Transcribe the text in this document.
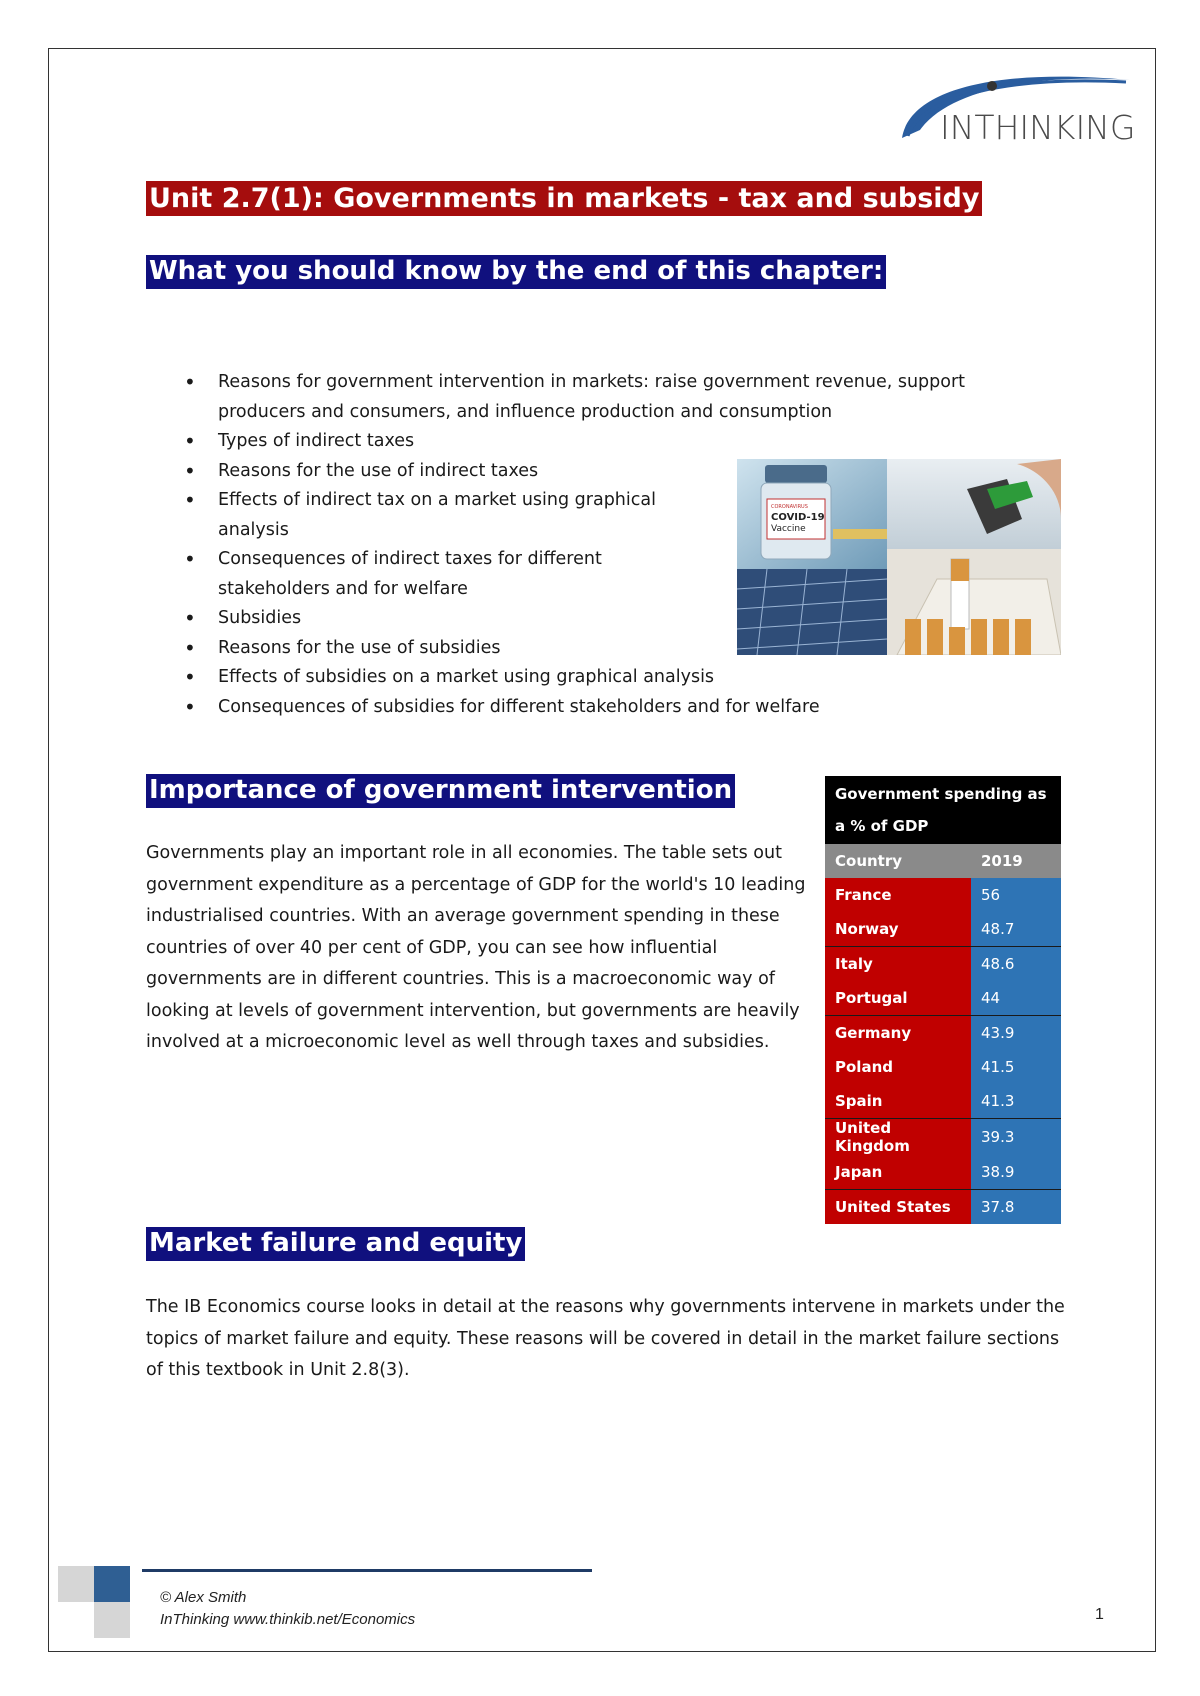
INTHINKING
Unit 2.7(1): Governments in markets - tax and subsidy
What you should know by the end of this chapter:
• Reasons for government intervention in markets: raise government revenue, support producers and consumers, and influence production and consumption
• Types of indirect taxes
• Reasons for the use of indirect taxes
• Effects of indirect tax on a market using graphical analysis
• Consequences of indirect taxes for different stakeholders and for welfare
• Subsidies
• Reasons for the use of subsidies
• Effects of subsidies on a market using graphical analysis
• Consequences of subsidies for different stakeholders and for welfare
CORONAVIRUS
COVID-19
Vaccine
Importance of government intervention

Governments play an important role in all economies. The table sets out government expenditure as a percentage of GDP for the world's 10 leading industrialised countries. With an average government spending in these countries of over 40 per cent of GDP, you can see how influential governments are in different countries. This is a macroeconomic way of looking at levels of government intervention, but governments are heavily involved at a microeconomic level as well through taxes and subsidies.

Government spending as a % of GDP	
Country	2019
France	56
Norway	48.7
Italy	48.6
Portugal	44
Germany	43.9
Poland	41.5
Spain	41.3
United Kingdom	39.3
Japan	38.9
United States	37.8
Market failure and equity

The IB Economics course looks in detail at the reasons why governments intervene in markets under the topics of market failure and equity. These reasons will be covered in detail in the market failure sections of this textbook in Unit 2.8(3).

© Alex Smith
InThinking www.thinkib.net/Economics	1
